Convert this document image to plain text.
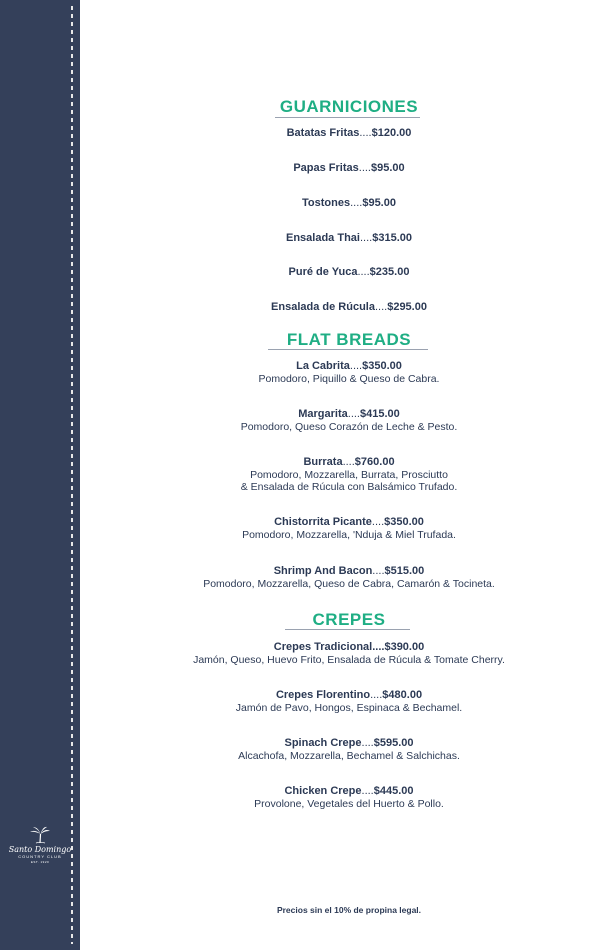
Santo Domingo
COUNTRY CLUB
EST. 1920
GUARNICIONES
Batatas Fritas....$120.00
Papas Fritas....$95.00
Tostones....$95.00
Ensalada Thai....$315.00
Puré de Yuca....$235.00
Ensalada de Rúcula....$295.00
FLAT BREADS
La Cabrita....$350.00
Pomodoro, Piquillo & Queso de Cabra.
Margarita....$415.00
Pomodoro, Queso Corazón de Leche & Pesto.
Burrata....$760.00
Pomodoro, Mozzarella, Burrata, Prosciutto
& Ensalada de Rúcula con Balsámico Trufado.
Chistorrita Picante....$350.00
Pomodoro, Mozzarella, 'Nduja & Miel Trufada.
Shrimp And Bacon....$515.00
Pomodoro, Mozzarella, Queso de Cabra, Camarón & Tocineta.
CREPES
Crepes Tradicional....$390.00
Jamón, Queso, Huevo Frito, Ensalada de Rúcula & Tomate Cherry.
Crepes Florentino....$480.00
Jamón de Pavo, Hongos, Espinaca & Bechamel.
Spinach Crepe....$595.00
Alcachofa, Mozzarella, Bechamel & Salchichas.
Chicken Crepe....$445.00
Provolone, Vegetales del Huerto & Pollo.
Precios sin el 10% de propina legal.
